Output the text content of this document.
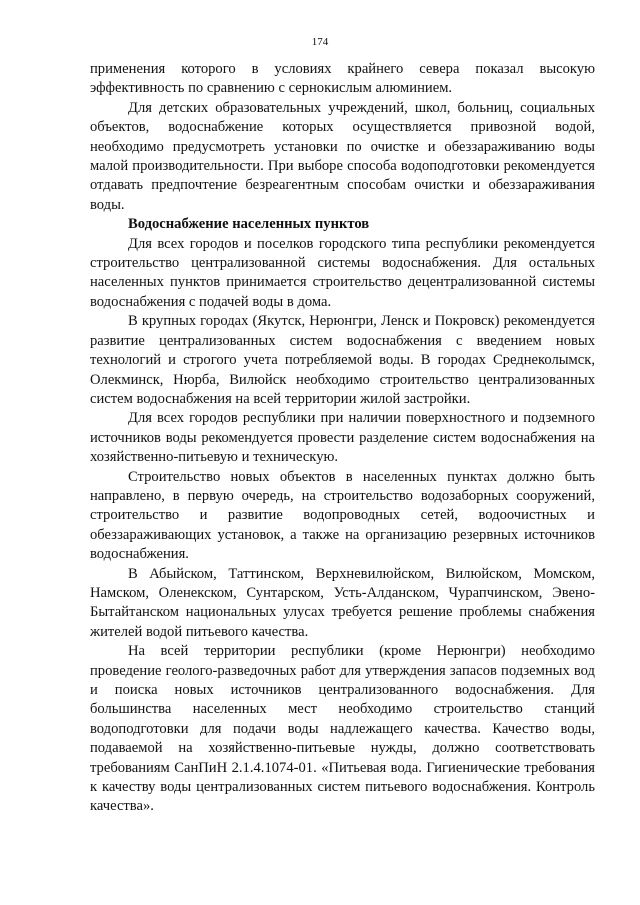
174

применения которого в условиях крайнего севера показал высокую эффективность по сравнению с сернокислым алюминием.

Для детских образовательных учреждений, школ, больниц, социальных объектов, водоснабжение которых осуществляется привозной водой, необходимо предусмотреть установки по очистке и обеззараживанию воды малой производительности. При выборе способа водоподготовки рекомендуется отдавать предпочтение безреагентным способам очистки и обеззараживания воды.

Водоснабжение населенных пунктов

Для всех городов и поселков городского типа республики рекомендуется строительство централизованной системы водоснабжения. Для остальных населенных пунктов принимается строительство децентрализованной системы водоснабжения с подачей воды в дома.

В крупных городах (Якутск, Нерюнгри, Ленск и Покровск) рекомендуется развитие централизованных систем водоснабжения с введением новых технологий и строгого учета потребляемой воды. В городах Среднеколымск, Олекминск, Нюрба, Вилюйск необходимо строительство централизованных систем водоснабжения на всей территории жилой застройки.

Для всех городов республики при наличии поверхностного и подземного источников воды рекомендуется провести разделение систем водоснабжения на хозяйственно-питьевую и техническую.

Строительство новых объектов в населенных пунктах должно быть направлено, в первую очередь, на строительство водозаборных сооружений, строительство и развитие водопроводных сетей, водоочистных и обеззараживающих установок, а также на организацию резервных источников водоснабжения.

В Абыйском, Таттинском, Верхневилюйском, Вилюйском, Момском, Намском, Оленекском, Сунтарском, Усть-Алданском, Чурапчинском, Эвено-Бытайтанском национальных улусах требуется решение проблемы снабжения жителей водой питьевого качества.

На всей территории республики (кроме Нерюнгри) необходимо проведение геолого-разведочных работ для утверждения запасов подземных вод и поиска новых источников централизованного водоснабжения. Для большинства населенных мест необходимо строительство станций водоподготовки для подачи воды надлежащего качества. Качество воды, подаваемой на хозяйственно-питьевые нужды, должно соответствовать требованиям СанПиН 2.1.4.1074-01. «Питьевая вода. Гигиенические требования к качеству воды централизованных систем питьевого водоснабжения. Контроль качества».
